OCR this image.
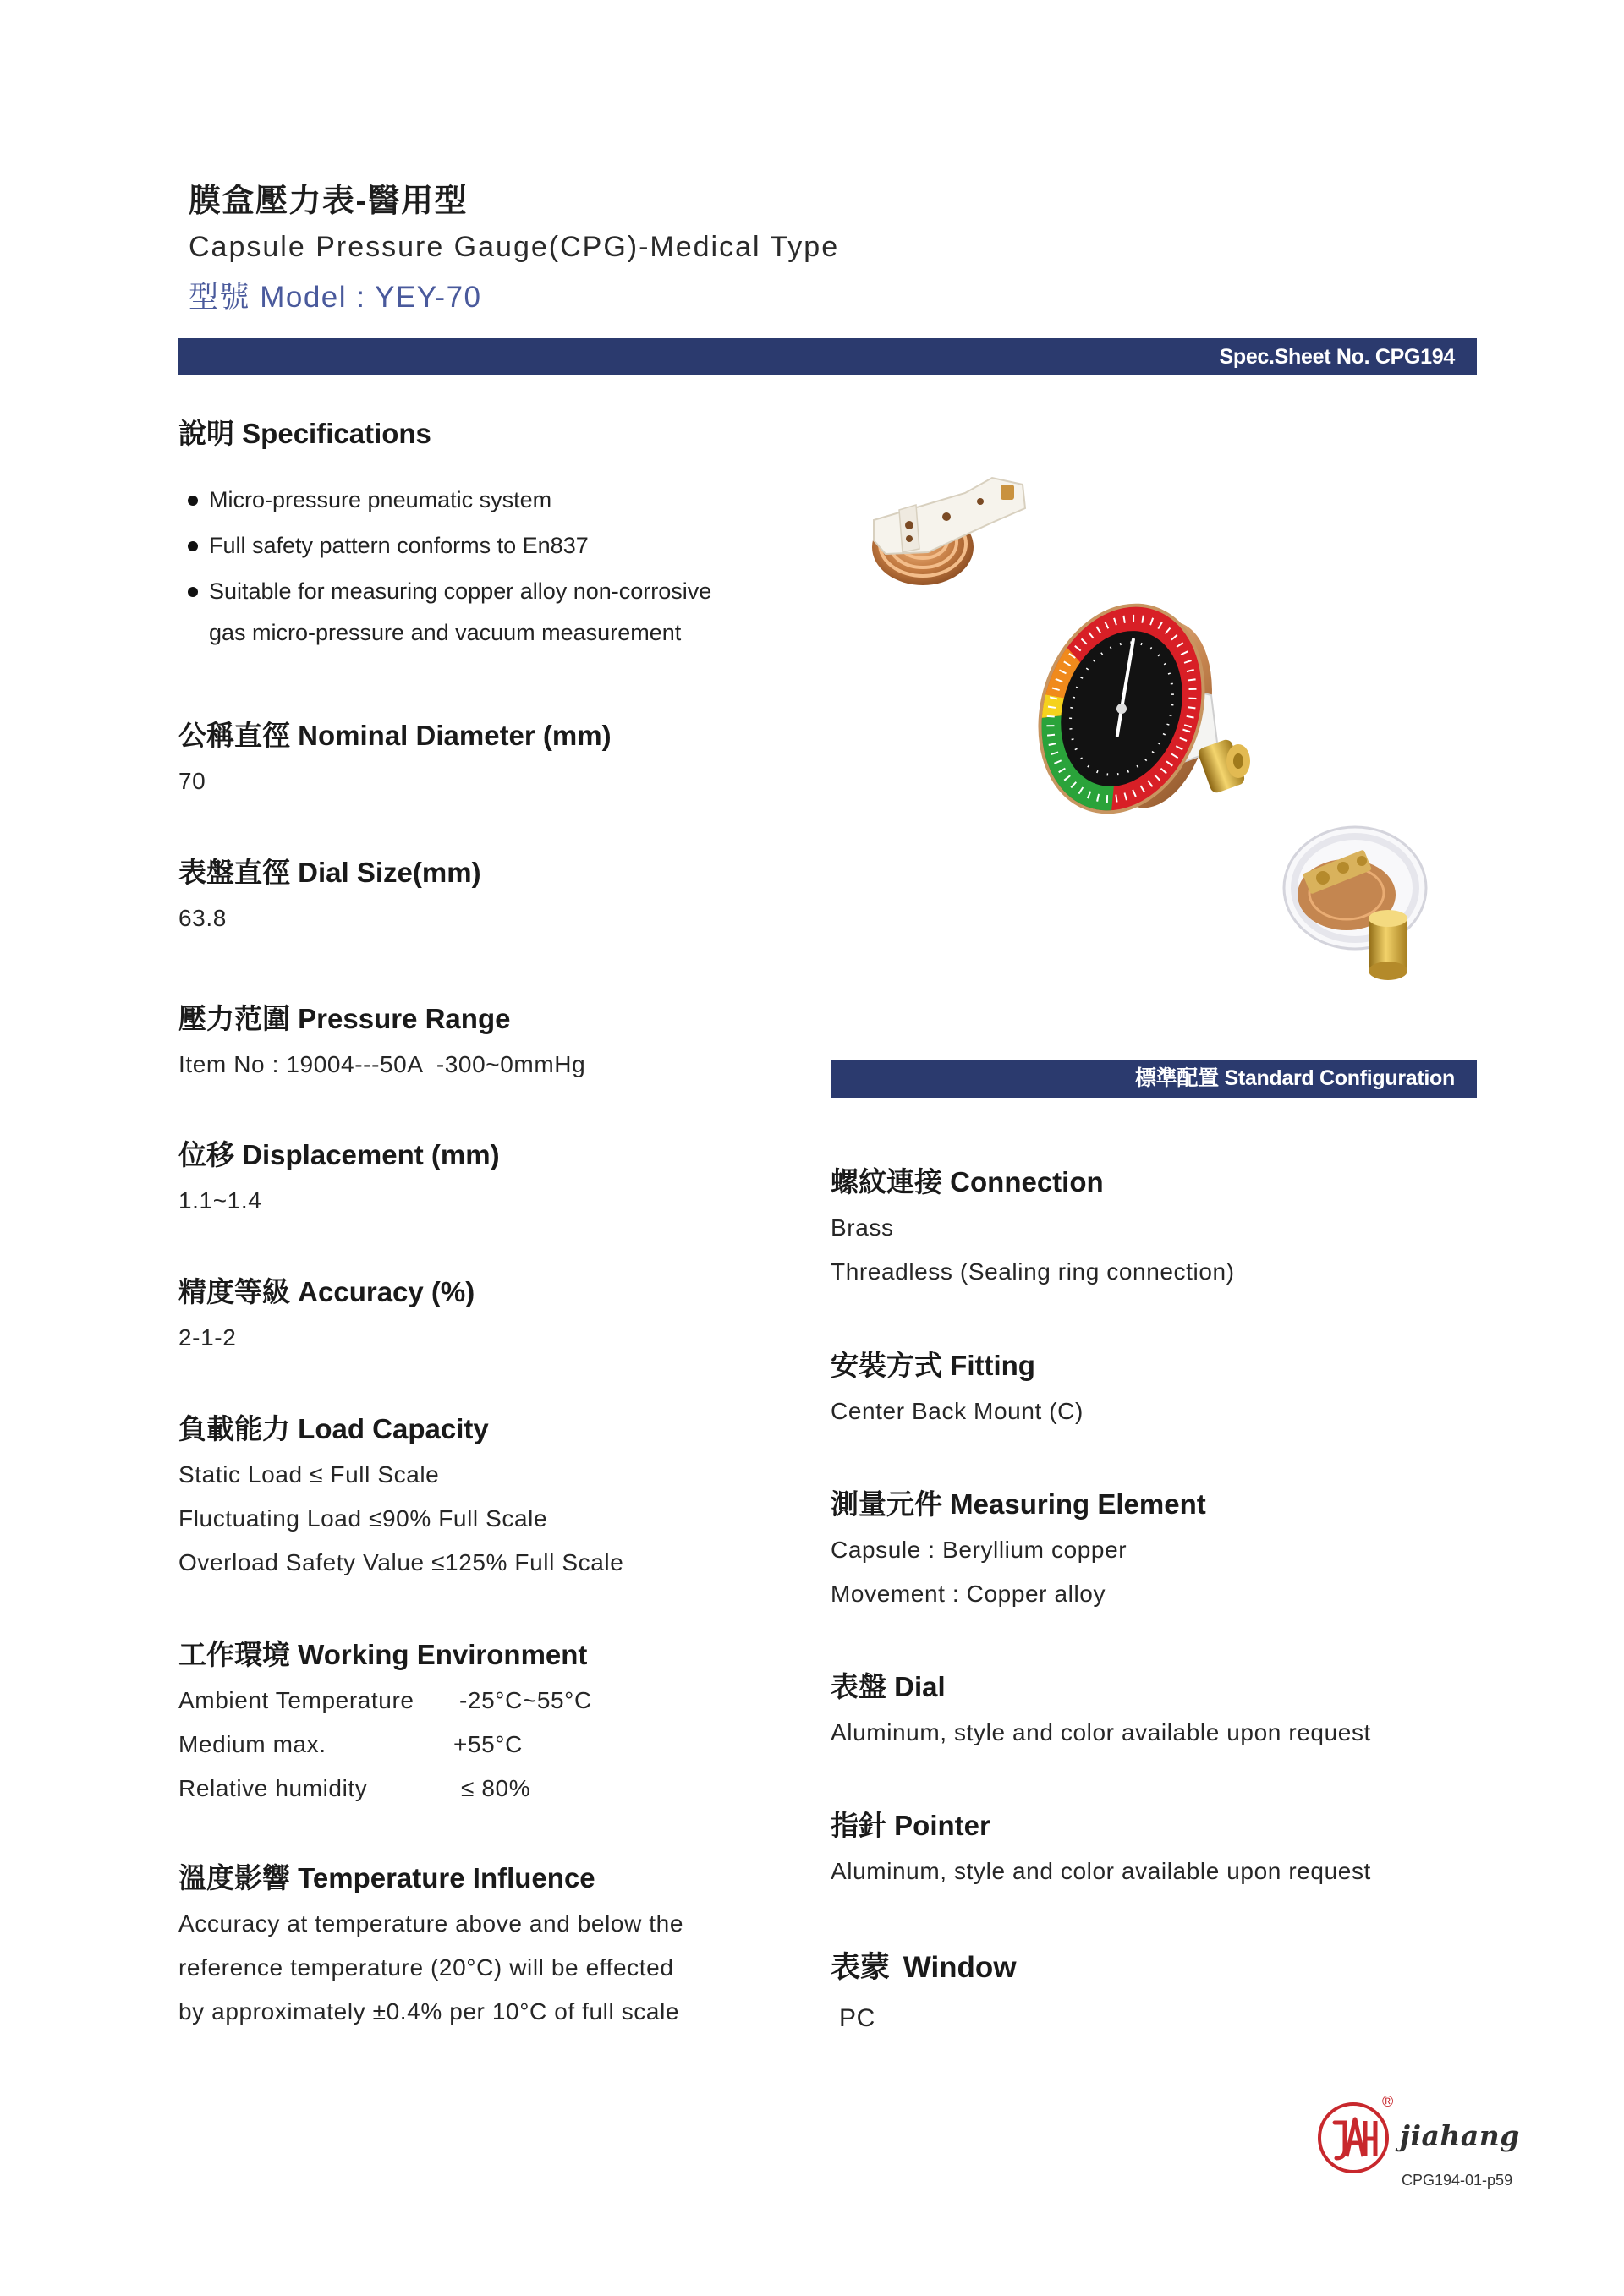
膜盒壓力表-醫用型
Capsule Pressure Gauge(CPG)-Medical Type
型號 Model : YEY-70
Spec.Sheet No. CPG194
說明 Specifications
Micro-pressure pneumatic system
Full safety pattern conforms to En837
Suitable for measuring copper alloy non-corrosive
gas micro-pressure and vacuum measurement
公稱直徑 Nominal Diameter (mm)
70
表盤直徑 Dial Size(mm)
63.8
壓力范圍 Pressure Range
Item No : 19004---50A  -300~0mmHg
位移 Displacement (mm)
1.1~1.4
精度等級 Accuracy (%)
2-1-2
負載能力 Load Capacity
Static Load ≤ Full Scale
Fluctuating Load ≤90% Full Scale
Overload Safety Value ≤125% Full Scale
工作環境 Working Environment
Ambient Temperature -25°C~55°C
Medium max.	+55°C
Relative humidity	≤ 80%
溫度影響 Temperature Influence
Accuracy at temperature above and below the
reference temperature (20°C) will be effected
by approximately ±0.4% per 10°C of full scale
標準配置 Standard Configuration
螺紋連接 Connection
Brass
Threadless (Sealing ring connection)
安裝方式 Fitting
Center Back Mount (C)
測量元件 Measuring Element
Capsule : Beryllium copper
Movement : Copper alloy
表盤 Dial
Aluminum, style and color available upon request
指針 Pointer
Aluminum, style and color available upon request
表蒙 Window
PC
®
jiahang
CPG194-01-p59
